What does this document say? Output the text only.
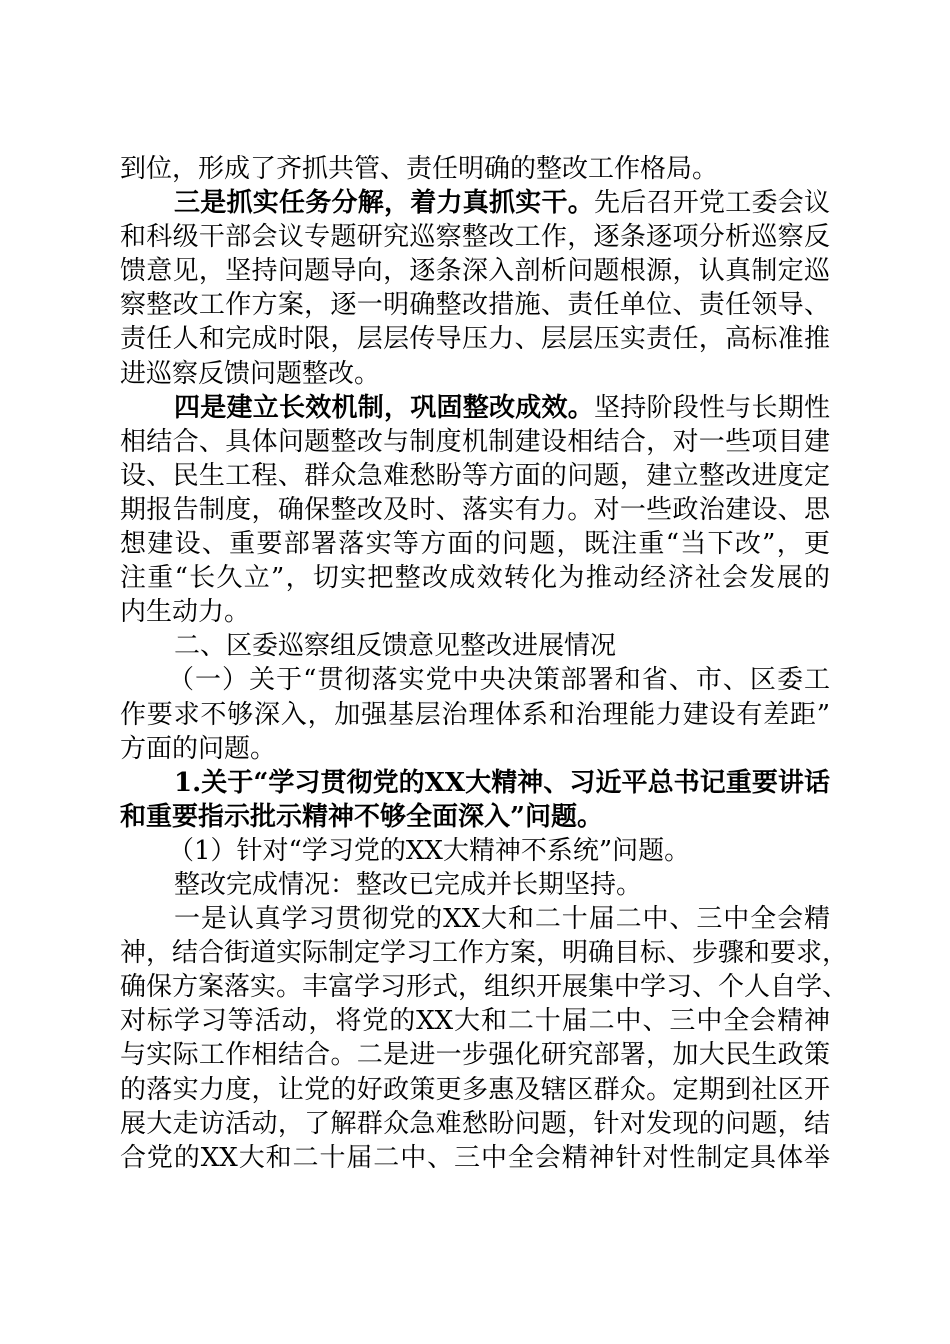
到位，形成了齐抓共管、责任明确的整改工作格局。
三是抓实任务分解，着力真抓实干。先后召开党工委会议
和科级干部会议专题研究巡察整改工作，逐条逐项分析巡察反
馈意见，坚持问题导向，逐条深入剖析问题根源，认真制定巡
察整改工作方案，逐一明确整改措施、责任单位、责任领导、
责任人和完成时限，层层传导压力、层层压实责任，高标准推
进巡察反馈问题整改。
四是建立长效机制，巩固整改成效。坚持阶段性与长期性
相结合、具体问题整改与制度机制建设相结合，对一些项目建
设、民生工程、群众急难愁盼等方面的问题，建立整改进度定
期报告制度，确保整改及时、落实有力。对一些政治建设、思
想建设、重要部署落实等方面的问题，既注重“当下改”，更
注重“长久立”，切实把整改成效转化为推动经济社会发展的
内生动力。
二、区委巡察组反馈意见整改进展情况
（一）关于“贯彻落实党中央决策部署和省、市、区委工
作要求不够深入，加强基层治理体系和治理能力建设有差距”
方面的问题。
1.关于“学习贯彻党的XX大精神、习近平总书记重要讲话
和重要指示批示精神不够全面深入”问题。
（1）针对“学习党的XX大精神不系统”问题。
整改完成情况：整改已完成并长期坚持。
一是认真学习贯彻党的XX大和二十届二中、三中全会精
神，结合街道实际制定学习工作方案，明确目标、步骤和要求，
确保方案落实。丰富学习形式，组织开展集中学习、个人自学、
对标学习等活动，将党的XX大和二十届二中、三中全会精神
与实际工作相结合。二是进一步强化研究部署，加大民生政策
的落实力度，让党的好政策更多惠及辖区群众。定期到社区开
展大走访活动，了解群众急难愁盼问题，针对发现的问题，结
合党的XX大和二十届二中、三中全会精神针对性制定具体举
